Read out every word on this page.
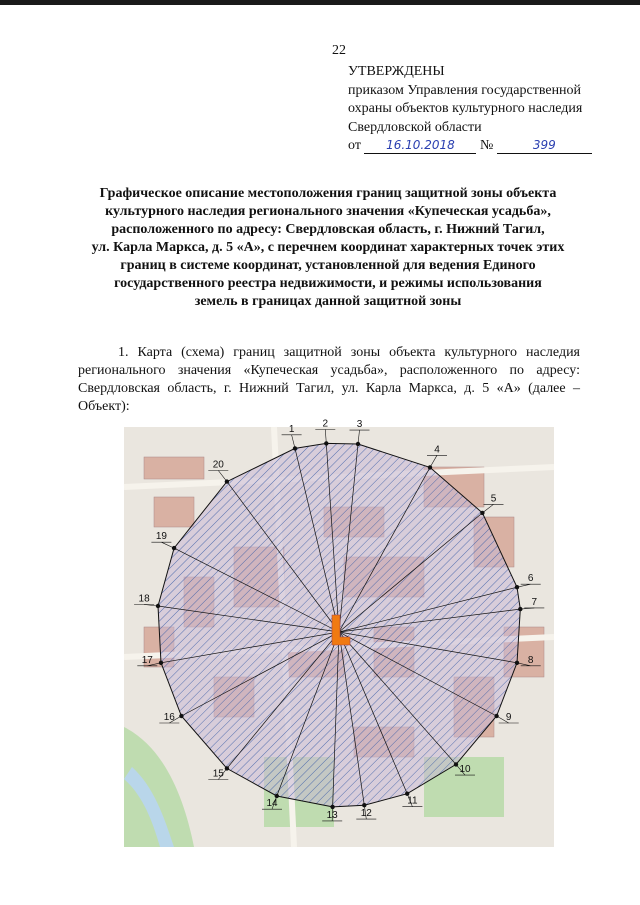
22
УТВЕРЖДЕНЫ
приказом Управления государственной
охраны объектов культурного наследия
Свердловской области
от 16.10.2018 №	399
Графическое описание местоположения границ защитной зоны объекта
культурного наследия регионального значения «Купеческая усадьба»,
расположенного по адресу: Свердловская область, г. Нижний Тагил,
ул. Карла Маркса, д. 5 «А», с перечнем координат характерных точек этих
границ в системе координат, установленной для ведения Единого
государственного реестра недвижимости, и режимы использования
земель в границах данной защитной зоны
1. Карта (схема) границ защитной зоны объекта культурного наследия регионального значения «Купеческая усадьба», расположенного по адресу: Свердловская область, г. Нижний Тагил, ул. Карла Маркса, д. 5 «А» (далее – Объект):
1	2	3
4
5
6
7
8
9
10
11
12
13
14
15
16
17
18
19
20
